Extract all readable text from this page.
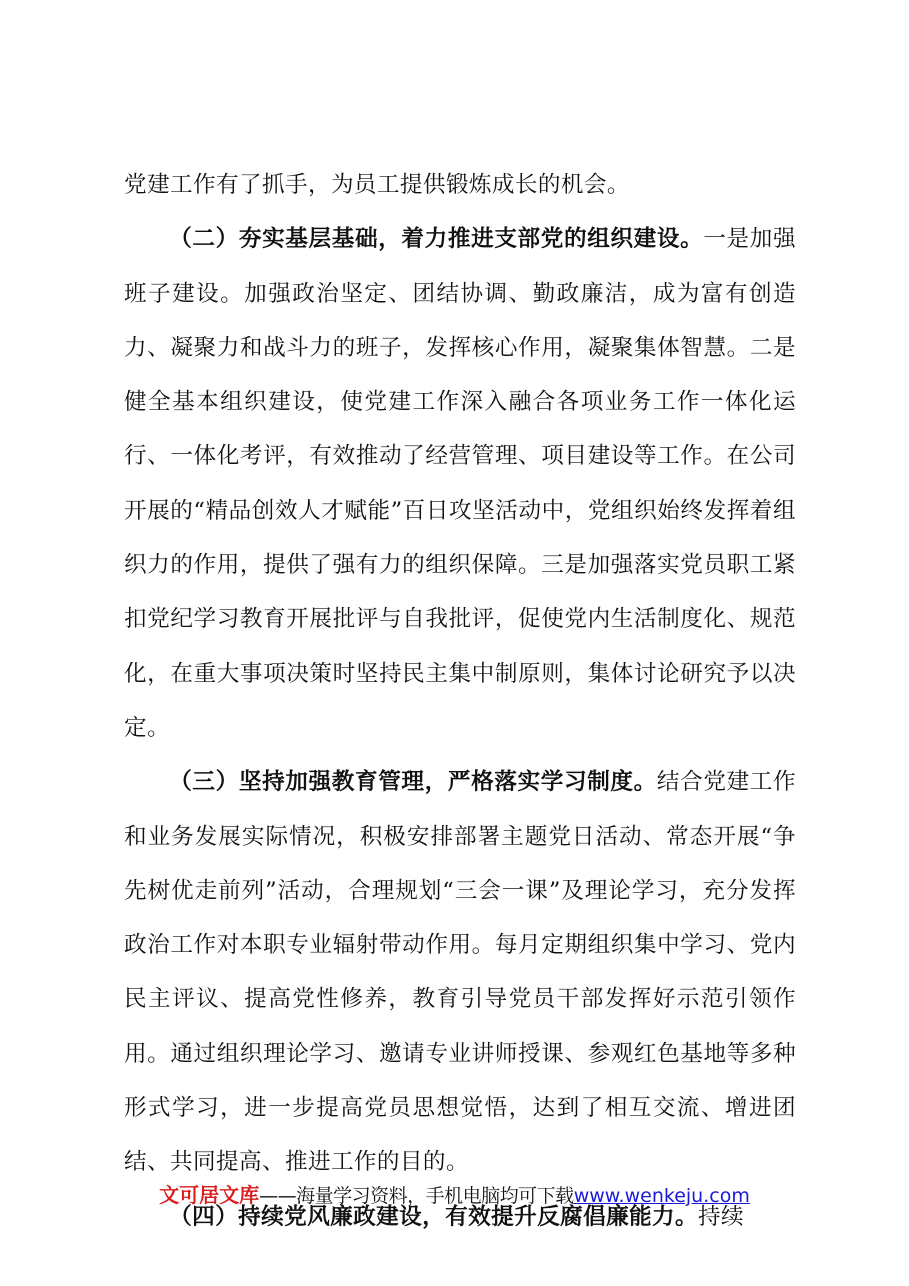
党建工作有了抓手，为员工提供锻炼成长的机会。

（二）夯实基层基础，着力推进支部党的组织建设。一是加强班子建设。加强政治坚定、团结协调、勤政廉洁，成为富有创造力、凝聚力和战斗力的班子，发挥核心作用，凝聚集体智慧。二是健全基本组织建设，使党建工作深入融合各项业务工作一体化运行、一体化考评，有效推动了经营管理、项目建设等工作。在公司开展的“精品创效人才赋能”百日攻坚活动中，党组织始终发挥着组织力的作用，提供了强有力的组织保障。三是加强落实党员职工紧扣党纪学习教育开展批评与自我批评，促使党内生活制度化、规范化，在重大事项决策时坚持民主集中制原则，集体讨论研究予以决定。

（三）坚持加强教育管理，严格落实学习制度。结合党建工作和业务发展实际情况，积极安排部署主题党日活动、常态开展“争先树优走前列”活动，合理规划“三会一课”及理论学习，充分发挥政治工作对本职专业辐射带动作用。每月定期组织集中学习、党内民主评议、提高党性修养，教育引导党员干部发挥好示范引领作用。通过组织理论学习、邀请专业讲师授课、参观红色基地等多种形式学习，进一步提高党员思想觉悟，达到了相互交流、增进团结、共同提高、推进工作的目的。

（四）持续党风廉政建设，有效提升反腐倡廉能力。持续

文可居文库——海量学习资料，手机电脑均可下载www.wenkeju.com
